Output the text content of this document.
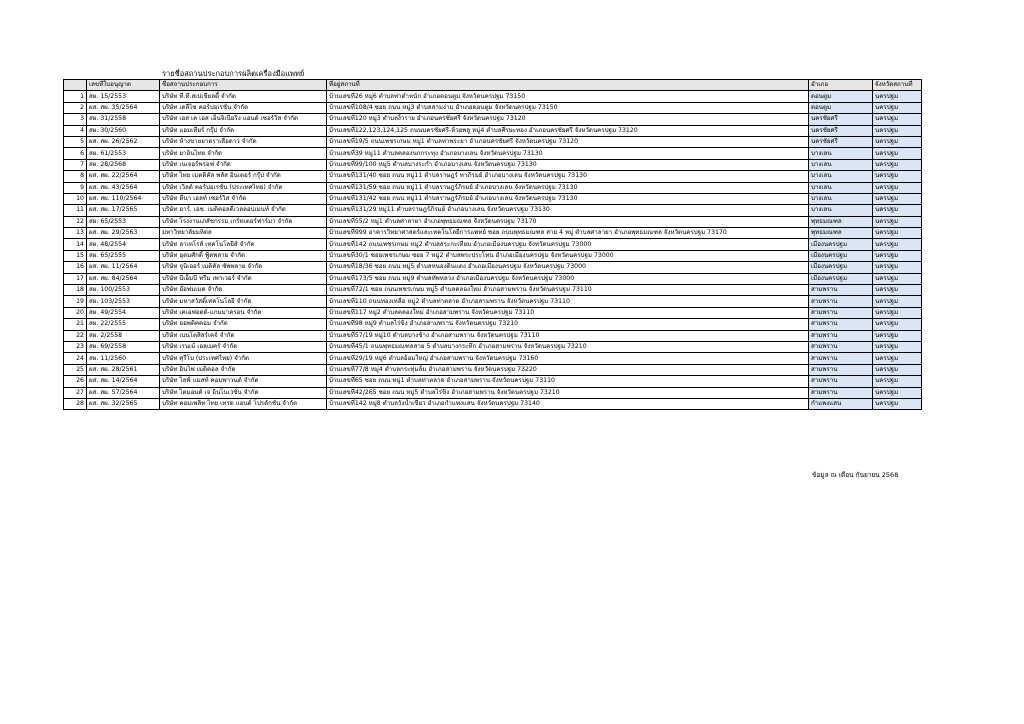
รายชื่อสถานประกอบการผลิตเครื่องมือแพทย์
	เลขที่ใบอนุญาต	ชื่อสถานประกอบการ	ที่อยู่สถานที่	อำเภอ	จังหวัดสถานที่
1	สผ. 15/2553	บริษัท ที.ที.สเปเชียลตี้ จำกัด	บ้านเลขที่26 หมู่6 ตำบลท่าตำหนัก อำเภอดอนตูม จังหวัดนครปฐม 73150	ดอนตูม	นครปฐม
2	ผส. สผ. 35/2564	บริษัท เดลีไซ คอร์ปอเรชั่น จำกัด	บ้านเลขที่108/4 ซอย ถนน หมู่3 ตำบลสามง่าม อำเภอดอนตูม จังหวัดนครปฐม 73150	ดอนตูม	นครปฐม
3	สผ. 31/2558	บริษัท เอส เค เอส เอ็นจิเนียริ่ง แอนด์ เซอร์วิส จำกัด	บ้านเลขที่120 หมู่3 ตำบลงิ้วราย อำเภอนครชัยศรี จังหวัดนครปฐม 73120	นครชัยศรี	นครปฐม
4	สผ. 30/2560	บริษัท แอมเทียร์ กรุ๊ป จำกัด	บ้านเลขที่122,123,124,125 ถนนนครชัยศรี-ห้วยพลู หมู่4 ตำบลศีรษะทอง อำเภอนครชัยศรี จังหวัดนครปฐม 73120	นครชัยศรี	นครปฐม
5	ผส. สผ. 26/2562	บริษัท ห้างขายยาตราเสือดาว จำกัด	บ้านเลขที่19/5 ถนนเพชรเกษม หมู่1 ตำบลท่าพระยา อำเภอนครชัยศรี จังหวัดนครปฐม 73120	นครชัยศรี	นครปฐม
6	สผ. 61/2553	บริษัท ยาอินไทย จำกัด	บ้านเลขที่39 หมู่11 ตำบลคลองนกกระทุง อำเภอบางเลน จังหวัดนครปฐม 73130	บางเลน	นครปฐม
7	สผ. 28/2568	บริษัท เนเจอร์พรอฟ จำกัด	บ้านเลขที่99/100 หมู่5 ตำบลบางระกำ อำเภอบางเลน จังหวัดนครปฐม 73130	บางเลน	นครปฐม
8	ผส. สผ. 22/2564	บริษัท ไทย เมดดิคัล พลัส อินเตอร์ กรุ๊ป จำกัด	บ้านเลขที่131/40 ซอย ถนน หมู่11 ตำบลราษฎร์ ทาภิรมย์ อำเภอบางเลน จังหวัดนครปฐม 73130	บางเลน	นครปฐม
9	ผส. สผ. 43/2564	บริษัท เวิลด์ คอร์ปอเรชั่น (ประเทศไทย) จำกัด	บ้านเลขที่131/59 ซอย ถนน หมู่11 ตำบลราษฎร์ภิรมย์ อำเภอบางเลน จังหวัดนครปฐม 73130	บางเลน	นครปฐม
10	ผส. สผ. 110/2564	บริษัท ดีนา เฮลท์ เซอร์วิส จำกัด	บ้านเลขที่131/42 ซอย ถนน หมู่11 ตำบลราษฎร์ภิรมย์ อำเภอบางเลน จังหวัดนครปฐม 73130	บางเลน	นครปฐม
11	ผส. สผ. 17/2565	บริษัท อาร์. เอช. เมดิคอลดีเวลลอปเมนท์ จำกัด	บ้านเลขที่131/29 หมู่11 ตำบลราษฎร์ภิรมย์ อำเภอบางเลน จังหวัดนครปฐม 73130	บางเลน	นครปฐม
12	สผ. 65/2553	บริษัท โรงงานเภสัชกรรม เกร์ทเตอร์ฟาร์มา จำกัด	บ้านเลขที่55/2 หมู่1 ตำบลศาลายา อำเภอพุทธมณฑล จังหวัดนครปฐม 73170	พุทธมณฑล	นครปฐม
13	ผส. สผ. 29/2563	มหาวิทยาลัยมหิดล	บ้านเลขที่999 อาคารวิทยาศาสตร์และเทคโนโลยีการแพทย์ ซอย ถนนพุทธมณฑล สาย 4 หมู่ ตำบลศาลายา อำเภอพุทธมณฑล จังหวัดนครปฐม 73170	พุทธมณฑล	นครปฐม
14	สผ. 48/2554	บริษัท ลาเทโรส์ เทคโนโลยีส์ จำกัด	บ้านเลขที่142 ถนนเพชรเกษม หมู่2 ตำบลสระกะเทียม อำเภอเมืองนครปฐม จังหวัดนครปฐม 73000	เมืองนครปฐม	นครปฐม
15	สผ. 65/2555	บริษัท อุดมศักดิ์ ฟู้ดพลาย จำกัด	บ้านเลขที่30/1 ซอยเพชรเกษม ซอย 7 หมู่2 ตำบลพระประโทน อำเภอเมืองนครปฐม จังหวัดนครปฐม 73000	เมืองนครปฐม	นครปฐม
16	ผส. สผ. 11/2564	บริษัท จูนิเออร์ เมดิคัล ซัพพลาย จำกัด	บ้านเลขที่18/36 ซอย ถนน หมู่5 ตำบลหนองดินแดง อำเภอเมืองนครปฐม จังหวัดนครปฐม 73000	เมืองนครปฐม	นครปฐม
17	ผส. สผ. 84/2564	บริษัท บีเอ็มบี ทรีม เพาเวอร์ จำกัด	บ้านเลขที่173/5 ซอย ถนน หมู่9 ตำบลทัพหลวง อำเภอเมืองนครปฐม จังหวัดนครปฐม 73000	เมืองนครปฐม	นครปฐม
18	สผ. 100/2553	บริษัท อ๊อฟมเมด จำกัด	บ้านเลขที่72/1 ซอย ถนนเพชรเกษม หมู่5 ตำบลคลองใหม่ อำเภอสามพราน จังหวัดนครปฐม 73110	สามพราน	นครปฐม
19	สผ. 103/2553	บริษัท มหาสวัสดิ์เทคโนโลยี จำกัด	บ้านเลขที่110 ถนนทองเหลือ หมู่2 ตำบลท่าตลาด อำเภอสามพราน จังหวัดนครปฐม 73110	สามพราน	นครปฐม
20	สผ. 49/2554	บริษัท เคเอฟอตด์-แกมมาครอน จำกัด	บ้านเลขที่117 หมู่2 ตำบลคลองใหม่ อำเภอสามพราน จังหวัดนครปฐม 73110	สามพราน	นครปฐม
21	สผ. 22/2555	บริษัท ออพติคคอม จำกัด	บ้านเลขที่98 หมู่9 ตำบลไร่ขิง อำเภอสามพราน จังหวัดนครปฐม 73210	สามพราน	นครปฐม
22	สผ. 2/2558	บริษัท เบนโตสิสร์เคจ์ จำกัด	บ้านเลขที่57/19 หมู่10 ตำบลบางช้าง อำเภอสามพราน จังหวัดนครปฐม 73110	สามพราน	นครปฐม
23	สผ. 69/2558	บริษัท เรนเม้ เอลเมคร์ จำกัด	บ้านเลขที่45/1 ถนนพุทธมณฑลสาย 5 ตำบลบางกระทึก อำเภอสามพราน จังหวัดนครปฐม 73210	สามพราน	นครปฐม
24	สผ. 11/2560	บริษัท ศุรีโบ (ประเทศไทย) จำกัด	บ้านเลขที่29/19 หมู่6 ตำบลอ้อมใหญ่ อำเภอสามพราน จังหวัดนครปฐม 73160	สามพราน	นครปฐม
25	ผส. สผ. 28/2561	บริษัท อินไฟ เมดิคอล จำกัด	บ้านเลขที่77/8 หมู่4 ตำบลกระทุ่มล้ม อำเภอสามพราน จังหวัดนครปฐม 73220	สามพราน	นครปฐม
26	ผส. สผ. 14/2564	บริษัท ไลฟ์ แมสท์ คอมพาวนด์ จำกัด	บ้านเลขที่65 ซอย ถนน หมู่1 ตำบลท่าตลาด อำเภอสามพราน จังหวัดนครปฐม 73110	สามพราน	นครปฐม
27	ผส. สผ. 57/2564	บริษัท ไดมอนด์ เจ อินโนเวชั่น จำกัด	บ้านเลขที่42/265 ซอย ถนน หมู่5 ตำบลไร่ขิง อำเภอสามพราน จังหวัดนครปฐม 73210	สามพราน	นครปฐม
28	ผส. สผ. 32/2565	บริษัท คอมเพลิท ไทย เทรด แอนด์ โปรดักชั่น จำกัด	บ้านเลขที่142 หมู่8 ตำบลวังน้ำเขียว อำเภอกำแพงแสน จังหวัดนครปฐม 73140	กำแพงแสน	นครปฐม
ข้อมูล ณ เดือน กันยายน 2568
